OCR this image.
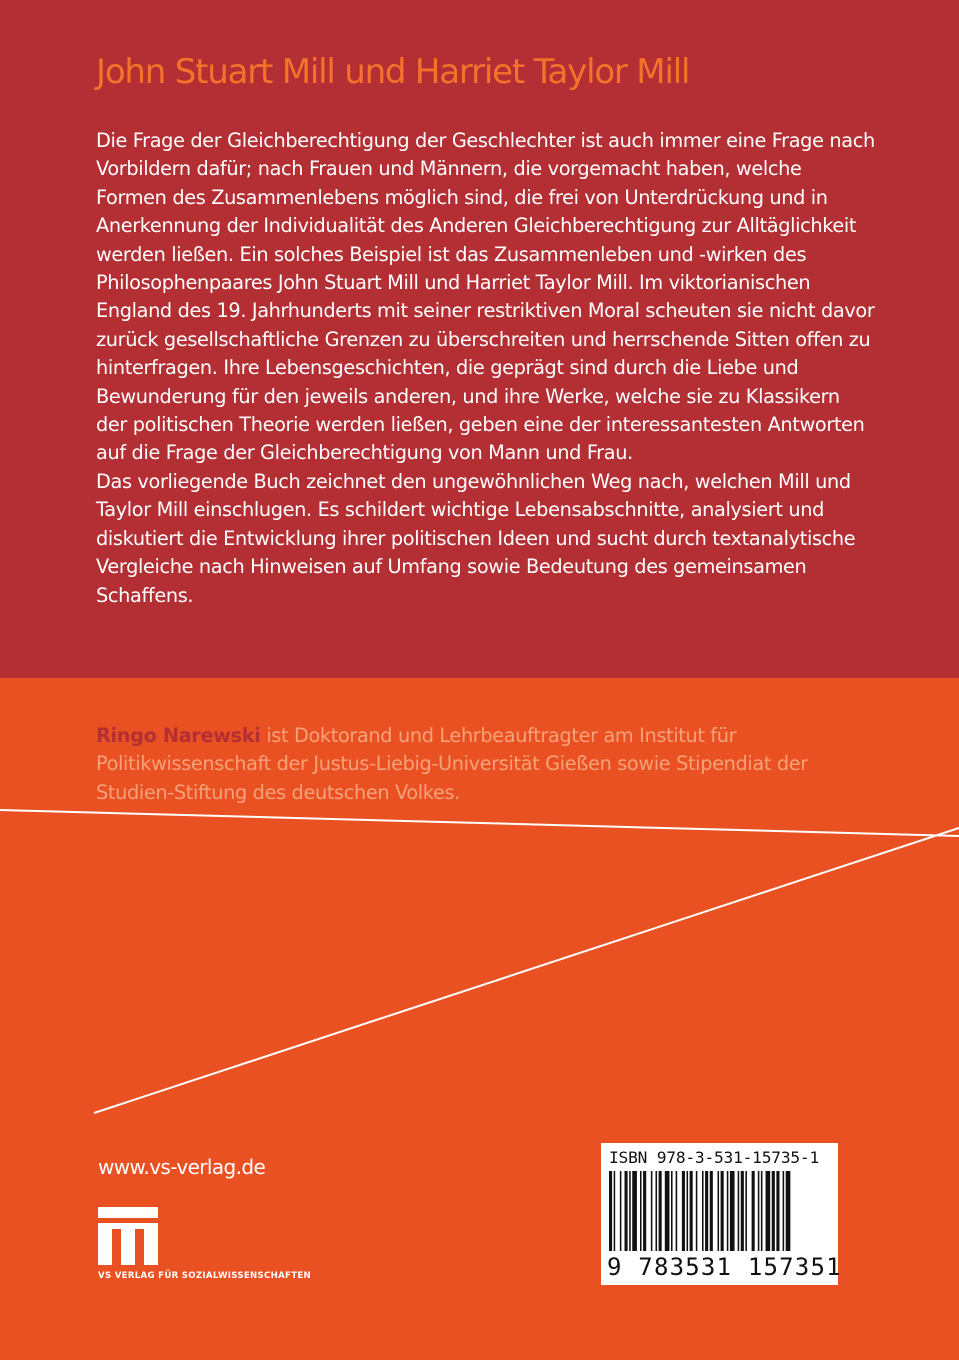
John Stuart Mill und Harriet Taylor Mill

Die Frage der Gleichberechtigung der Geschlechter ist auch immer eine Frage nach Vorbildern dafür; nach Frauen und Männern, die vorgemacht haben, welche Formen des Zusammenlebens möglich sind, die frei von Unterdrückung und in Anerkennung der Individualität des Anderen Gleichberechtigung zur Alltäglichkeit werden ließen. Ein solches Beispiel ist das Zusammenleben und -wirken des Philosophenpaares John Stuart Mill und Harriet Taylor Mill. Im viktorianischen England des 19. Jahrhunderts mit seiner restriktiven Moral scheuten sie nicht davor zurück gesellschaftliche Grenzen zu überschreiten und herrschende Sitten offen zu hinterfragen. Ihre Lebensgeschichten, die geprägt sind durch die Liebe und Bewunderung für den jeweils anderen, und ihre Werke, welche sie zu Klassikern der politischen Theorie werden ließen, geben eine der interessantesten Antworten auf die Frage der Gleichberechtigung von Mann und Frau.

Das vorliegende Buch zeichnet den ungewöhnlichen Weg nach, welchen Mill und Taylor Mill einschlugen. Es schildert wichtige Lebensabschnitte, analysiert und diskutiert die Entwicklung ihrer politischen Ideen und sucht durch textanalytische Vergleiche nach Hinweisen auf Umfang sowie Bedeutung des gemeinsamen Schaffens.

Ringo Narewski ist Doktorand und Lehrbeauftragter am Institut für Politikwissenschaft der Justus-Liebig-Universität Gießen sowie Stipendiat der Studien-Stiftung des deutschen Volkes.
www.vs-verlag.de
VS VERLAG FÜR SOZIALWISSENSCHAFTEN
ISBN 978-3-531-15735-1
9 783531 157351
